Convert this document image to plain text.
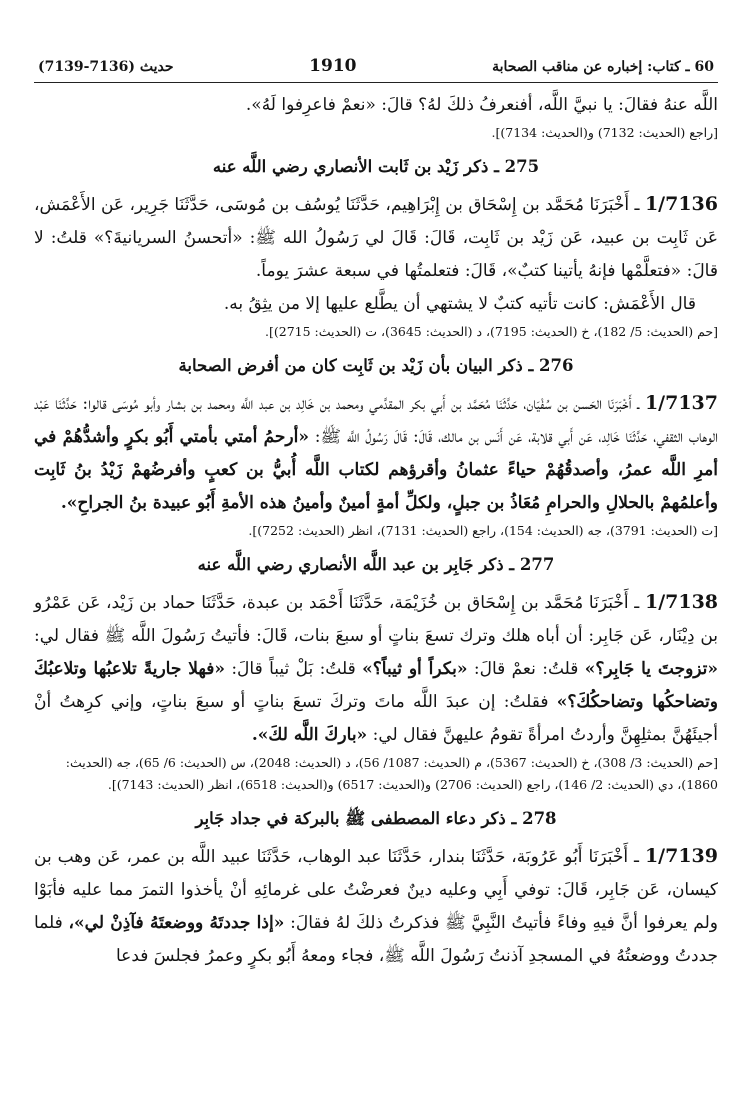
60 ـ كتاب: إخباره عن مناقب الصحابة
1910
حديث (7136-7139)

اللَّه عنهُ فقالَ: يا نبيَّ اللَّه، أفنعرفُ ذلكَ لهُ؟ قالَ: «نعمْ فاعرِفوا لَهُ».

[راجع (الحديث: 7132) و(الحديث: 7134)].

275 ـ ذكر زَيْد بن ثَابت الأنصاري رضي اللَّه عنه

1/7136 ـ أَخْبَرَنَا مُحَمَّد بن إِسْحَاق بن إِبْرَاهِيم، حَدَّثَنَا يُوسُف بن مُوسَى، حَدَّثَنَا جَرِير، عَن الأَعْمَش، عَن ثَابِت بن عبيد، عَن زَيْد بن ثَابِت، قَالَ: قَالَ لي رَسُولُ الله ﷺ: «أتحسنُ السريانيةَ؟» قلتُ: لا قالَ: «فتعلَّمْها فإنهُ يأتينا كتبٌ»، قَالَ: فتعلمتُها في سبعة عشرَ يوماً.

قال الأَعْمَش: كانت تأتيه كتبٌ لا يشتهي أن يطَّلع عليها إلا من يثِقُ به.

[حم (الحديث: 5/ 182)، خ (الحديث: 7195)، د (الحديث: 3645)، ت (الحديث: 2715)].

276 ـ ذكر البيان بأن زَيْد بن ثَابِت كان من أفرض الصحابة

1/7137 ـ أَخْبَرَنَا الحَسن بن سُفْيَان، حَدَّثَنَا مُحَمَّد بن أَبي بكر المقدَّمي ومحمد بن خَالِد بن عبد اللَّه ومحمد بن بشار وأبو مُوسَى قالوا: حَدَّثَنَا عَبْد الوهاب الثقفي، حَدَّثَنَا خَالِد، عَن أَبي قلابة، عَن أَنَس بن مالك، قَالَ: قَالَ رَسُولُ اللَّه ﷺ: «أرحمُ أمتي بأمتي أَبُو بكرٍ وأشدُّهُمْ في أمرِ اللَّه عمرُ، وأصدقُهُمْ حياءً عثمانُ وأقرؤهم لكتاب اللَّه أُبيُّ بن كعبٍ وأفرضُهمْ زَيْدُ بنُ ثَابِت وأعلمُهمْ بالحلالِ والحرامِ مُعَاذُ بن جبلٍ، ولكلِّ أمةٍ أمينٌ وأمينُ هذه الأمةِ أَبُو عبيدة بنُ الجراحِ».

[ت (الحديث: 3791)، جه (الحديث: 154)، راجع (الحديث: 7131)، انظر (الحديث: 7252)].

277 ـ ذكر جَابِر بن عبد اللَّه الأنصاري رضي اللَّه عنه

1/7138 ـ أَخْبَرَنَا مُحَمَّد بن إِسْحَاق بن خُزَيْمَة، حَدَّثَنَا أَحْمَد بن عبدة، حَدَّثَنَا حماد بن زَيْد، عَن عَمْرُو بن دِيْنَار، عَن جَابِر: أن أباه هلك وترك تسعَ بناتٍ أو سبعَ بنات، قَالَ: فأتيتُ رَسُولَ اللَّه ﷺ فقال لي: «تزوجتَ يا جَابِر؟» قلتُ: نعمْ قالَ: «بكراً أو ثيباً؟» قلتُ: بَلْ ثيباً قالَ: «فهلا جاريةً تلاعبُها وتلاعبُكَ وتضاحكُها وتضاحكُكَ؟» فقلتُ: إن عبدَ اللَّه ماتَ وتركَ تسعَ بناتٍ أو سبعَ بناتٍ، وإني كرِهتُ أنْ أجيئَهُنَّ بمثلِهِنَّ وأردتُ امرأةً تقومُ عليهنَّ فقال لي: «باركَ اللَّه لكَ».

[حم (الحديث: 3/ 308)، خ (الحديث: 5367)، م (الحديث: 1087/ 56)، د (الحديث: 2048)، س (الحديث: 6/ 65)، جه (الحديث: 1860)، دي (الحديث: 2/ 146)، راجع (الحديث: 2706) و(الحديث: 6517) و(الحديث: 6518)، انظر (الحديث: 7143)].

278 ـ ذكر دعاء المصطفى ﷺ بالبركة في جداد جَابِر

1/7139 ـ أَخْبَرَنَا أَبُو عَرُوبَة، حَدَّثَنَا بندار، حَدَّثَنَا عبد الوهاب، حَدَّثَنَا عبيد اللَّه بن عمر، عَن وهب بن كيسان، عَن جَابِر، قَالَ: توفي أَبِي وعليه دينٌ فعرضْتُ على غرمائِهِ أنْ يأخذوا التمرَ مما عليه فأبَوْا ولم يعرفوا أنَّ فيهِ وفاءً فأتيتُ النَّبِيَّ ﷺ فذكرتُ ذلكَ لهُ فقالَ: «إذا جددتَهُ ووضعتَهُ فآذِنْ لي»، فلما جددتُ ووضعتُهُ في المسجدِ آذنتُ رَسُولَ اللَّه ﷺ، فجاء ومعهُ أَبُو بكرٍ وعمرُ فجلسَ فدعا
